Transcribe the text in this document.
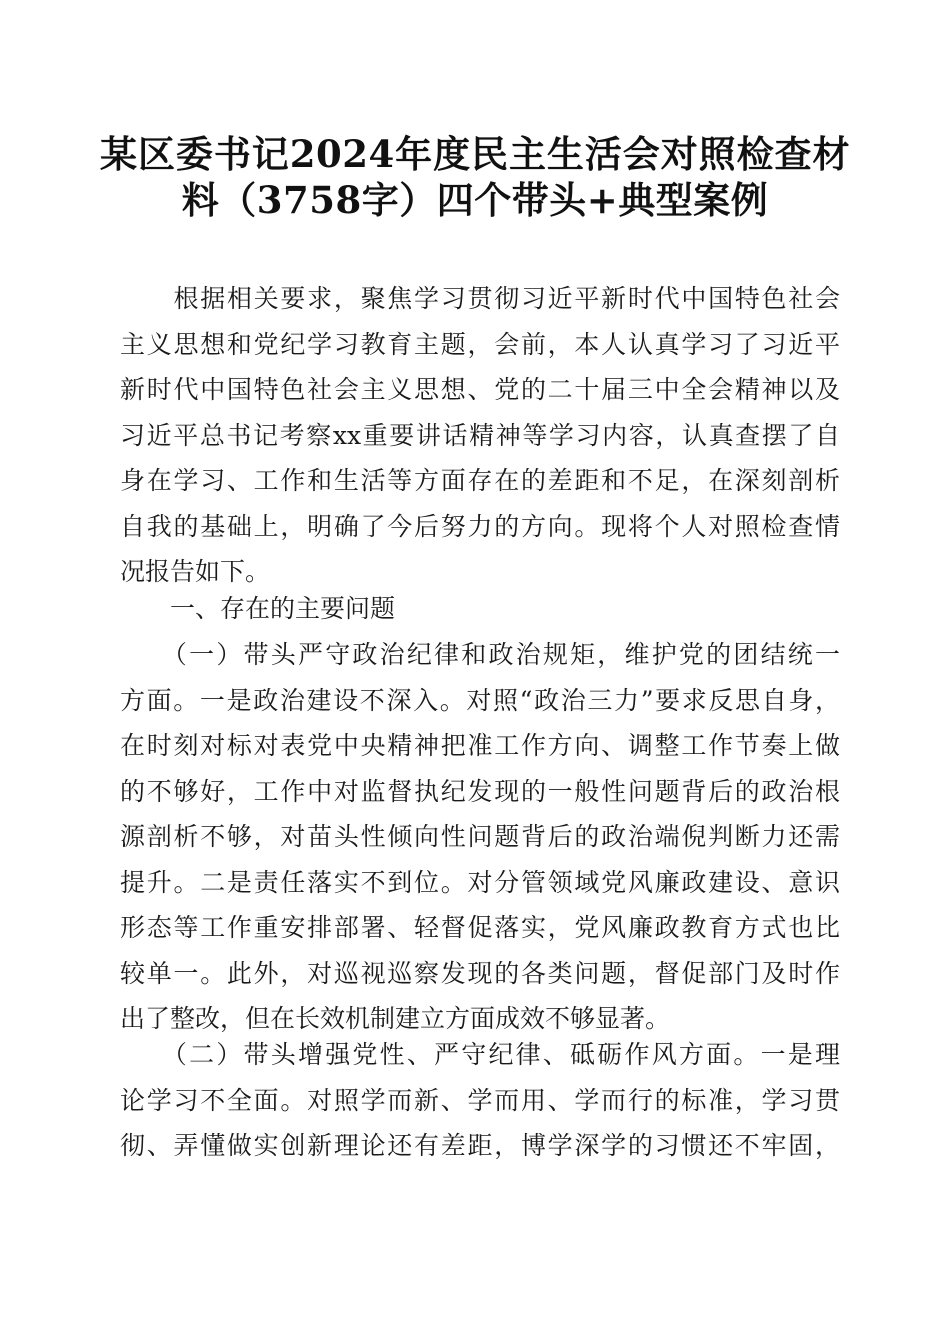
某区委书记2024年度民主生活会对照检查材
料（3758字）四个带头+典型案例
　　根据相关要求，聚焦学习贯彻习近平新时代中国特色社会
主义思想和党纪学习教育主题，会前，本人认真学习了习近平
新时代中国特色社会主义思想、党的二十届三中全会精神以及
习近平总书记考察xx重要讲话精神等学习内容，认真查摆了自
身在学习、工作和生活等方面存在的差距和不足，在深刻剖析
自我的基础上，明确了今后努力的方向。现将个人对照检查情
况报告如下。
　　一、存在的主要问题
　　（一）带头严守政治纪律和政治规矩，维护党的团结统一
方面。一是政治建设不深入。对照“政治三力”要求反思自身，
在时刻对标对表党中央精神把准工作方向、调整工作节奏上做
的不够好，工作中对监督执纪发现的一般性问题背后的政治根
源剖析不够，对苗头性倾向性问题背后的政治端倪判断力还需
提升。二是责任落实不到位。对分管领域党风廉政建设、意识
形态等工作重安排部署、轻督促落实，党风廉政教育方式也比
较单一。此外，对巡视巡察发现的各类问题，督促部门及时作
出了整改，但在长效机制建立方面成效不够显著。
　　（二）带头增强党性、严守纪律、砥砺作风方面。一是理
论学习不全面。对照学而新、学而用、学而行的标准，学习贯
彻、弄懂做实创新理论还有差距，博学深学的习惯还不牢固，
